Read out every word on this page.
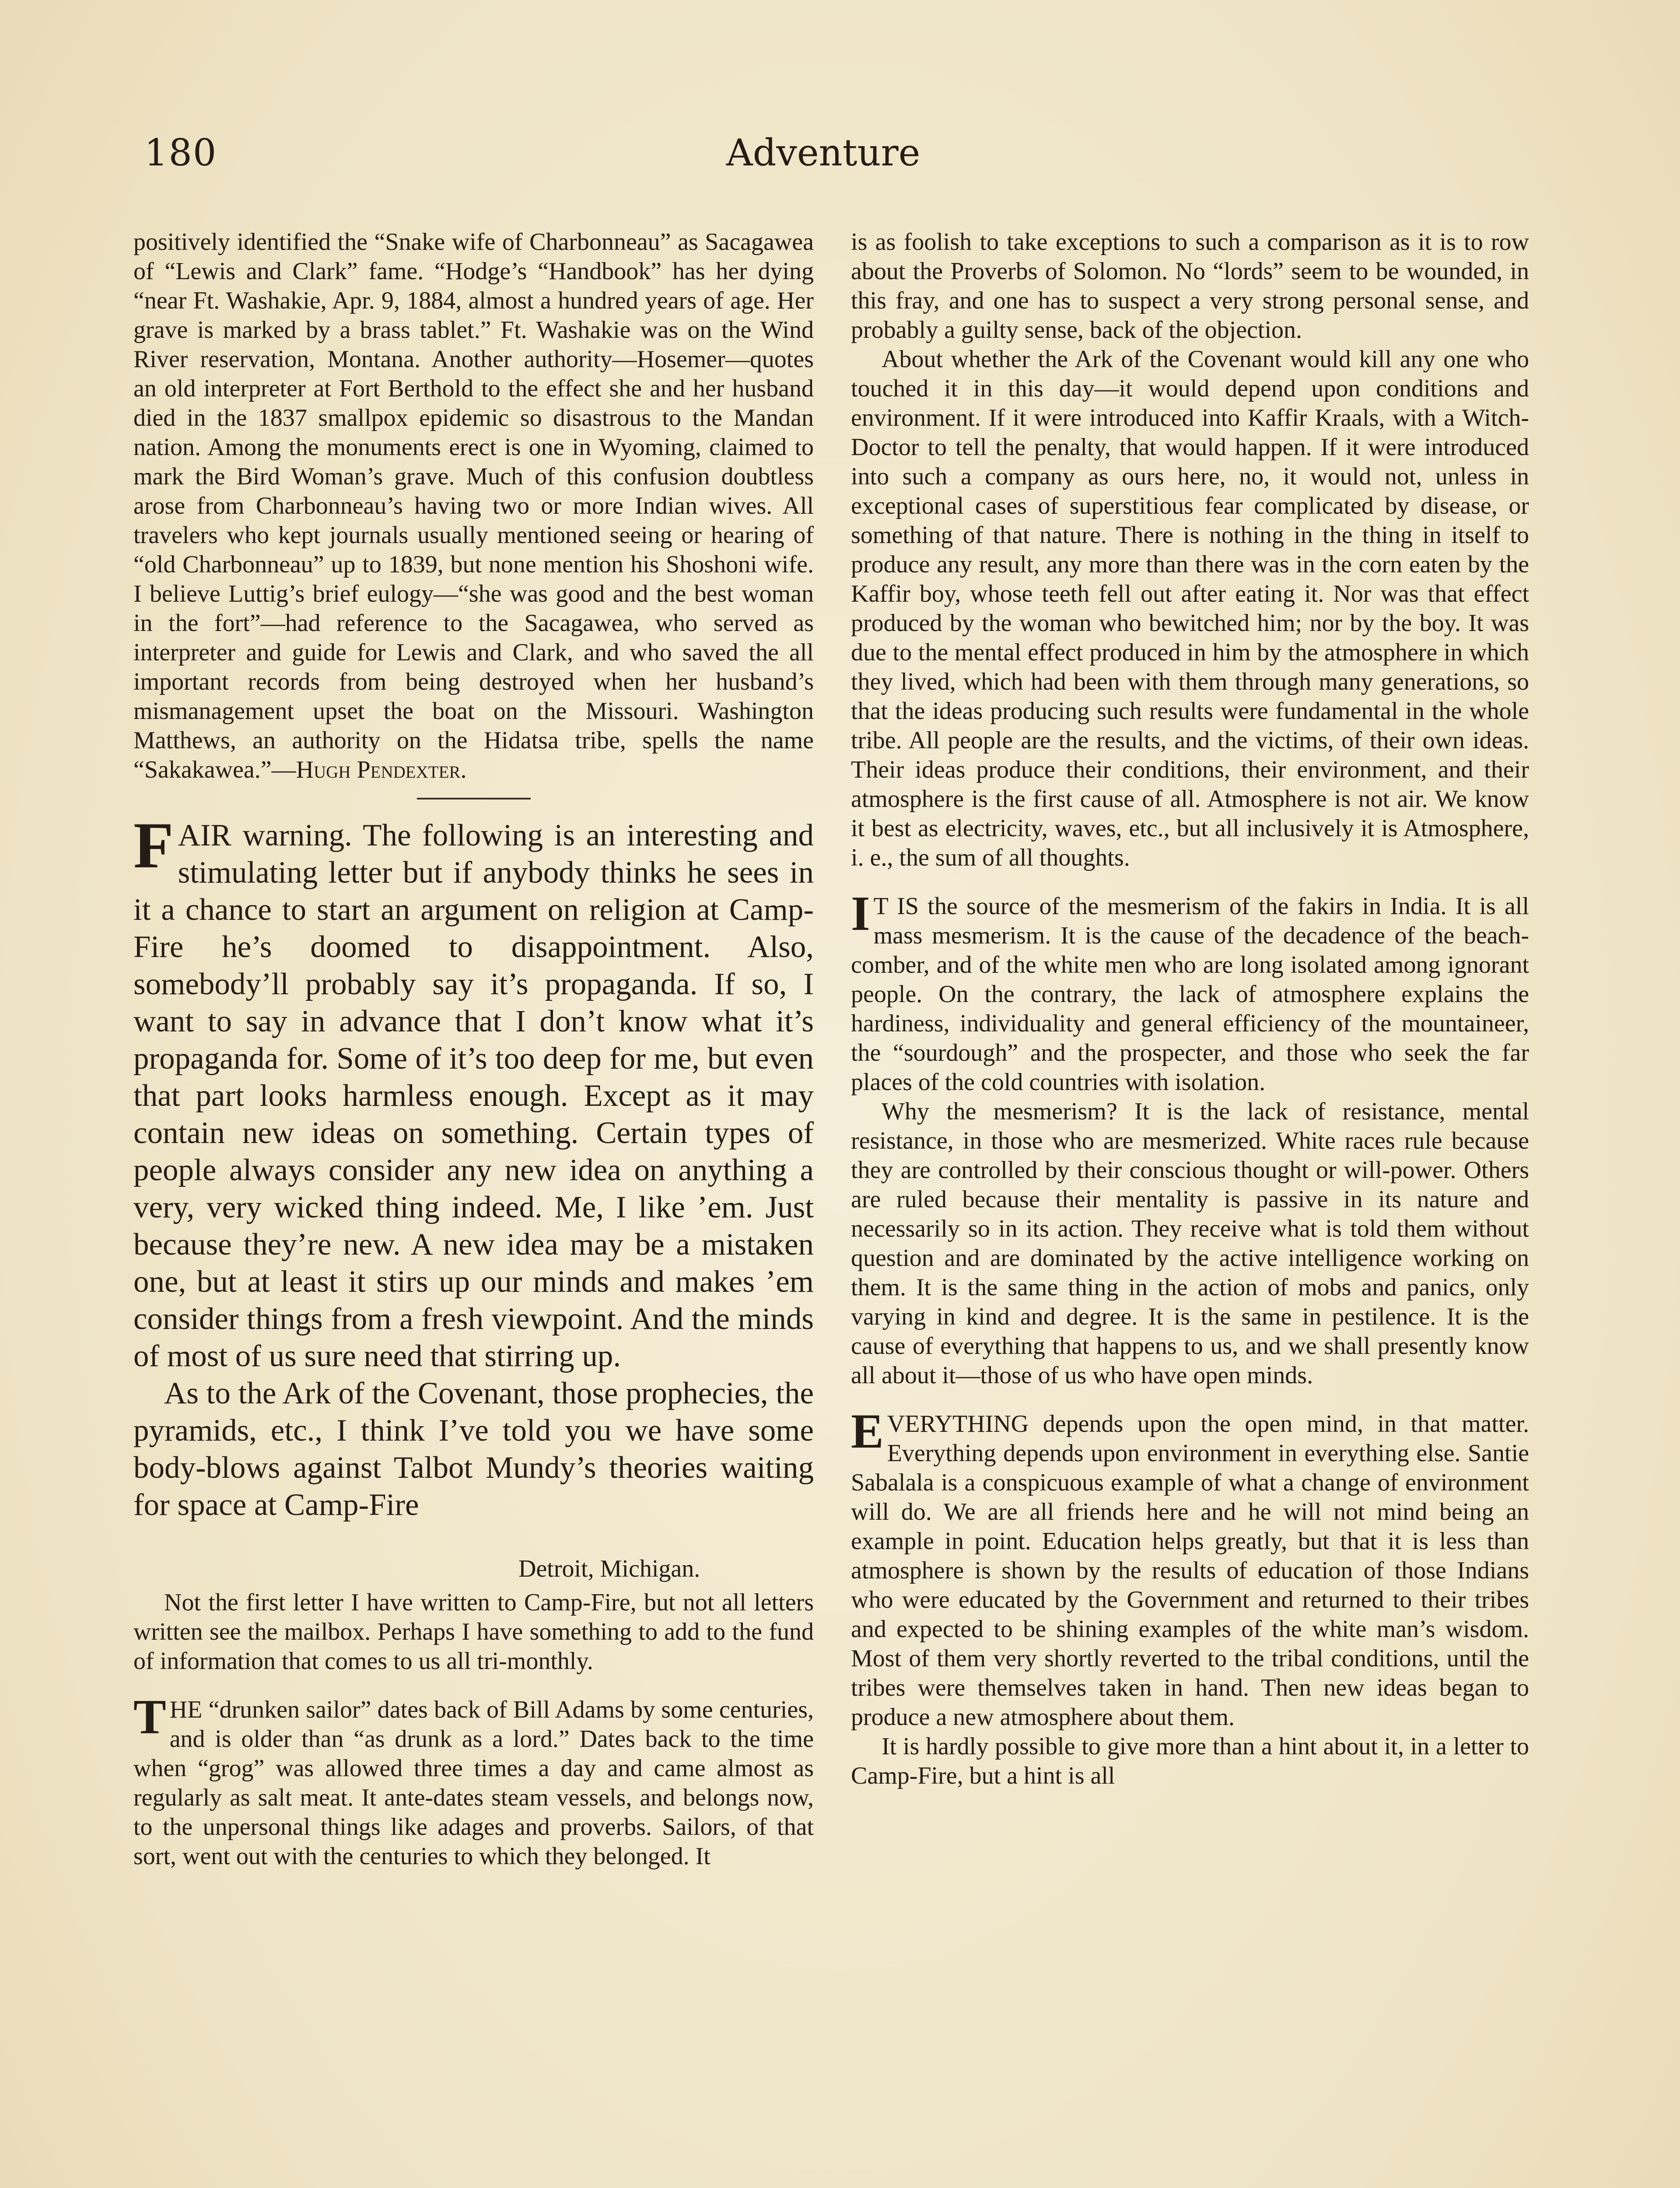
180	Adventure

positively identified the “Snake wife of Charbonneau” as Sacagawea of “Lewis and Clark” fame. “Hodge’s “Handbook” has her dying “near Ft. Washakie, Apr. 9, 1884, almost a hundred years of age. Her grave is marked by a brass tablet.” Ft. Washakie was on the Wind River reservation, Montana. Another authority—Hosemer—quotes an old interpreter at Fort Berthold to the effect she and her husband died in the 1837 smallpox epidemic so disastrous to the Mandan nation. Among the monuments erect is one in Wyoming, claimed to mark the Bird Woman’s grave. Much of this confusion doubtless arose from Charbonneau’s having two or more Indian wives. All travelers who kept journals usually mentioned seeing or hearing of “old Charbonneau” up to 1839, but none mention his Shoshoni wife. I believe Luttig’s brief eulogy—“she was good and the best woman in the fort”—had reference to the Sacagawea, who served as interpreter and guide for Lewis and Clark, and who saved the all important records from being destroyed when her husband’s mismanagement upset the boat on the Missouri. Washington Matthews, an authority on the Hidatsa tribe, spells the name “Sakakawea.”—Hugh Pendexter.

FAIR warning. The following is an interesting and stimulating letter but if anybody thinks he sees in it a chance to start an argument on religion at Camp-Fire he’s doomed to disappointment. Also, somebody’ll probably say it’s propaganda. If so, I want to say in advance that I don’t know what it’s propaganda for. Some of it’s too deep for me, but even that part looks harmless enough. Except as it may contain new ideas on something. Certain types of people always consider any new idea on anything a very, very wicked thing indeed. Me, I like ’em. Just because they’re new. A new idea may be a mistaken one, but at least it stirs up our minds and makes ’em consider things from a fresh viewpoint. And the minds of most of us sure need that stirring up.

As to the Ark of the Covenant, those prophecies, the pyramids, etc., I think I’ve told you we have some body-blows against Talbot Mundy’s theories waiting for space at Camp-Fire

Detroit, Michigan.

Not the first letter I have written to Camp-Fire, but not all letters written see the mailbox. Perhaps I have something to add to the fund of information that comes to us all tri-monthly.

THE “drunken sailor” dates back of Bill Adams by some centuries, and is older than “as drunk as a lord.” Dates back to the time when “grog” was allowed three times a day and came almost as regularly as salt meat. It ante-dates steam vessels, and belongs now, to the unpersonal things like adages and proverbs. Sailors, of that sort, went out with the centuries to which they belonged. It

is as foolish to take exceptions to such a comparison as it is to row about the Proverbs of Solomon. No “lords” seem to be wounded, in this fray, and one has to suspect a very strong personal sense, and probably a guilty sense, back of the objection.

About whether the Ark of the Covenant would kill any one who touched it in this day—it would depend upon conditions and environment. If it were introduced into Kaffir Kraals, with a Witch-Doctor to tell the penalty, that would happen. If it were introduced into such a company as ours here, no, it would not, unless in exceptional cases of superstitious fear complicated by disease, or something of that nature. There is nothing in the thing in itself to produce any result, any more than there was in the corn eaten by the Kaffir boy, whose teeth fell out after eating it. Nor was that effect produced by the woman who bewitched him; nor by the boy. It was due to the mental effect produced in him by the atmosphere in which they lived, which had been with them through many generations, so that the ideas producing such results were fundamental in the whole tribe. All people are the results, and the victims, of their own ideas. Their ideas produce their conditions, their environment, and their atmosphere is the first cause of all. Atmosphere is not air. We know it best as electricity, waves, etc., but all inclusively it is Atmosphere, i. e., the sum of all thoughts.

I T IS the source of the mesmerism of the fakirs in India. It is all mass mesmerism. It is the cause of the decadence of the beach-comber, and of the white men who are long isolated among ignorant people. On the contrary, the lack of atmosphere explains the hardiness, individuality and general efficiency of the mountaineer, the “sourdough” and the prospecter, and those who seek the far places of the cold countries with isolation.

Why the mesmerism? It is the lack of resistance, mental resistance, in those who are mesmerized. White races rule because they are controlled by their conscious thought or will-power. Others are ruled because their mentality is passive in its nature and necessarily so in its action. They receive what is told them without question and are dominated by the active intelligence working on them. It is the same thing in the action of mobs and panics, only varying in kind and degree. It is the same in pestilence. It is the cause of everything that happens to us, and we shall presently know all about it—those of us who have open minds.

EVERYTHING depends upon the open mind, in that matter. Everything depends upon environment in everything else. Santie Sabalala is a conspicuous example of what a change of environment will do. We are all friends here and he will not mind being an example in point. Education helps greatly, but that it is less than atmosphere is shown by the results of education of those Indians who were educated by the Government and returned to their tribes and expected to be shining examples of the white man’s wisdom. Most of them very shortly reverted to the tribal conditions, until the tribes were themselves taken in hand. Then new ideas began to produce a new atmosphere about them.

It is hardly possible to give more than a hint about it, in a letter to Camp-Fire, but a hint is all
